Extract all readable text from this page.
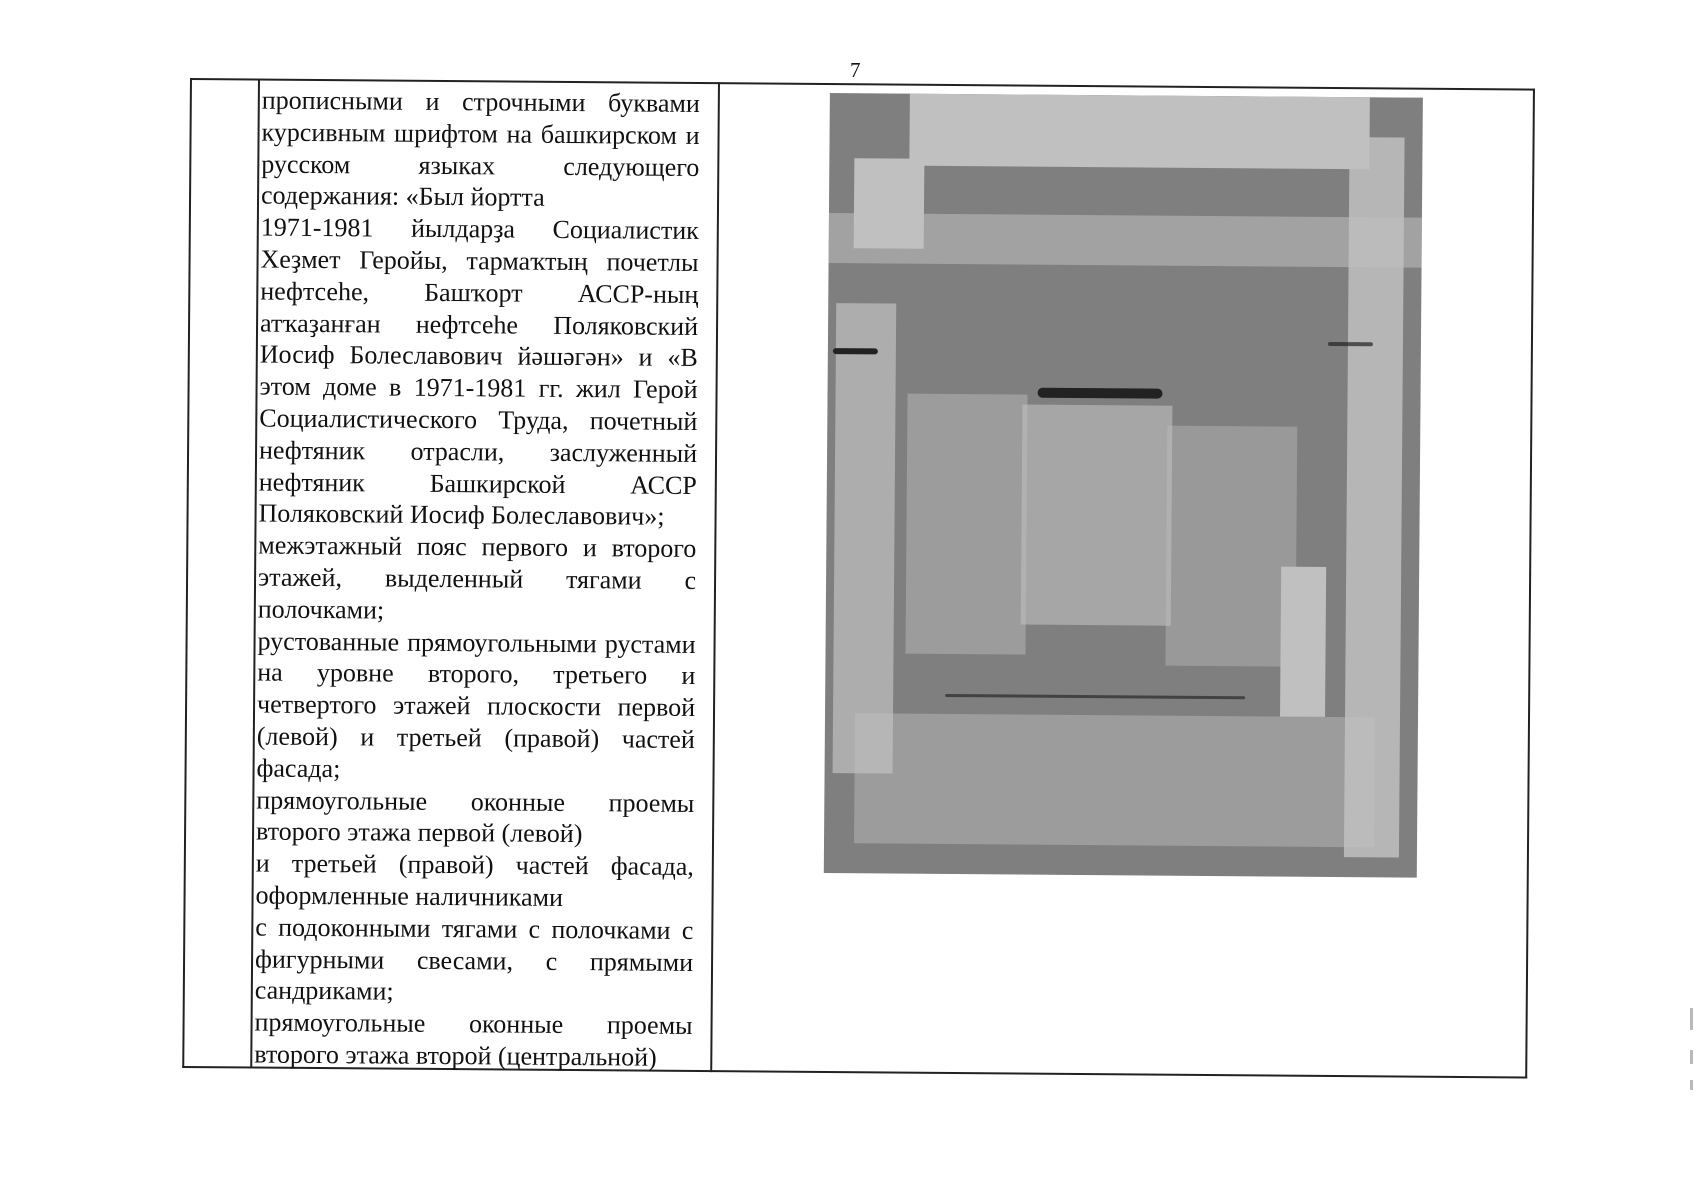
7

прописными и строчными буквами курсивным шрифтом на башкирском и русском языках следующего содержания: «Был йортта

1971-1981 йылдарҙа Социалистик Хеҙмет Геройы, тармаҡтың почетлы нефтсеһе, Башҡорт АССР-ның атҡаҙанған нефтсеһе Поляковский Иосиф Болеславович йәшәгән» и «В этом доме в 1971-1981 гг. жил Герой Социалистического Труда, почетный нефтяник отрасли, заслуженный нефтяник Башкирской АССР Поляковский Иосиф Болеславович»;

межэтажный пояс первого и второго этажей, выделенный тягами с полочками;

рустованные прямоугольными рустами на уровне второго, третьего и четвертого этажей плоскости первой (левой) и третьей (правой) частей фасада;

прямоугольные оконные проемы второго этажа первой (левой)

и третьей (правой) частей фасада, оформленные наличниками

с подоконными тягами с полочками с фигурными свесами, с прямыми сандриками;

прямоугольные оконные проемы второго этажа второй (центральной)
